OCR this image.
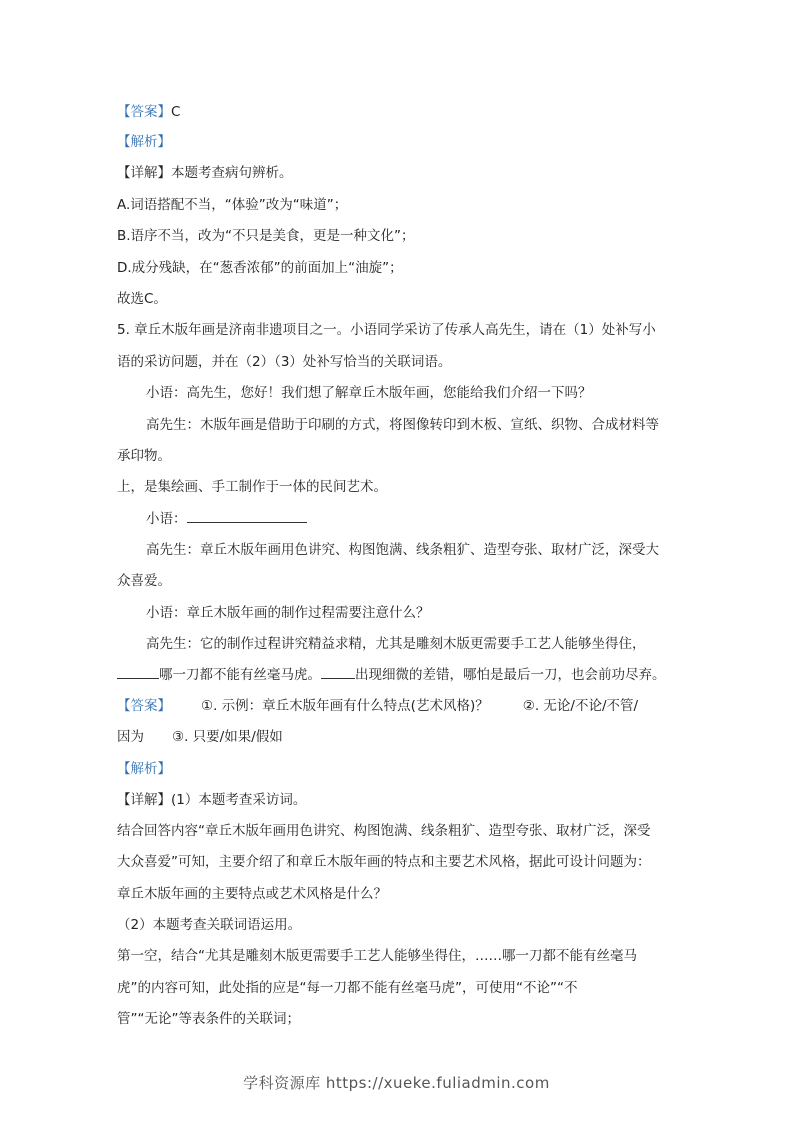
【答案】C
【解析】
【详解】本题考查病句辨析。
A.词语搭配不当，“体验”改为“味道”；
B.语序不当，改为“不只是美食，更是一种文化”；
D.成分残缺，在“葱香浓郁”的前面加上“油旋”；
故选C。
5. 章丘木版年画是济南非遗项目之一。小语同学采访了传承人高先生，请在（1）处补写小
语的采访问题，并在（2）（3）处补写恰当的关联词语。
小语：高先生，您好！我们想了解章丘木版年画，您能给我们介绍一下吗？
高先生：木版年画是借助于印刷的方式，将图像转印到木板、宣纸、织物、合成材料等
承印物。
上，是集绘画、手工制作于一体的民间艺术。
小语：
高先生：章丘木版年画用色讲究、构图饱满、线条粗犷、造型夸张、取材广泛，深受大
众喜爱。
小语：章丘木版年画的制作过程需要注意什么？
高先生：它的制作过程讲究精益求精，尤其是雕刻木版更需要手工艺人能够坐得住，
哪一刀都不能有丝毫马虎。	出现细微的差错，哪怕是最后一刀，也会前功尽弃。
【答案】 ①. 示例：章丘木版年画有什么特点(艺术风格)？	②. 无论/不论/不管/
因为 ③. 只要/如果/假如
【解析】
【详解】(1）本题考查采访词。
结合回答内容“章丘木版年画用色讲究、构图饱满、线条粗犷、造型夸张、取材广泛，深受
大众喜爱”可知，主要介绍了和章丘木版年画的特点和主要艺术风格，据此可设计问题为：
章丘木版年画的主要特点或艺术风格是什么？
（2）本题考查关联词语运用。
第一空，结合“尤其是雕刻木版更需要手工艺人能够坐得住，……哪一刀都不能有丝毫马
虎”的内容可知，此处指的应是“每一刀都不能有丝毫马虎”，可使用“不论”“不
管”“无论”等表条件的关联词；
学科资源库 https://xueke.fuliadmin.com
